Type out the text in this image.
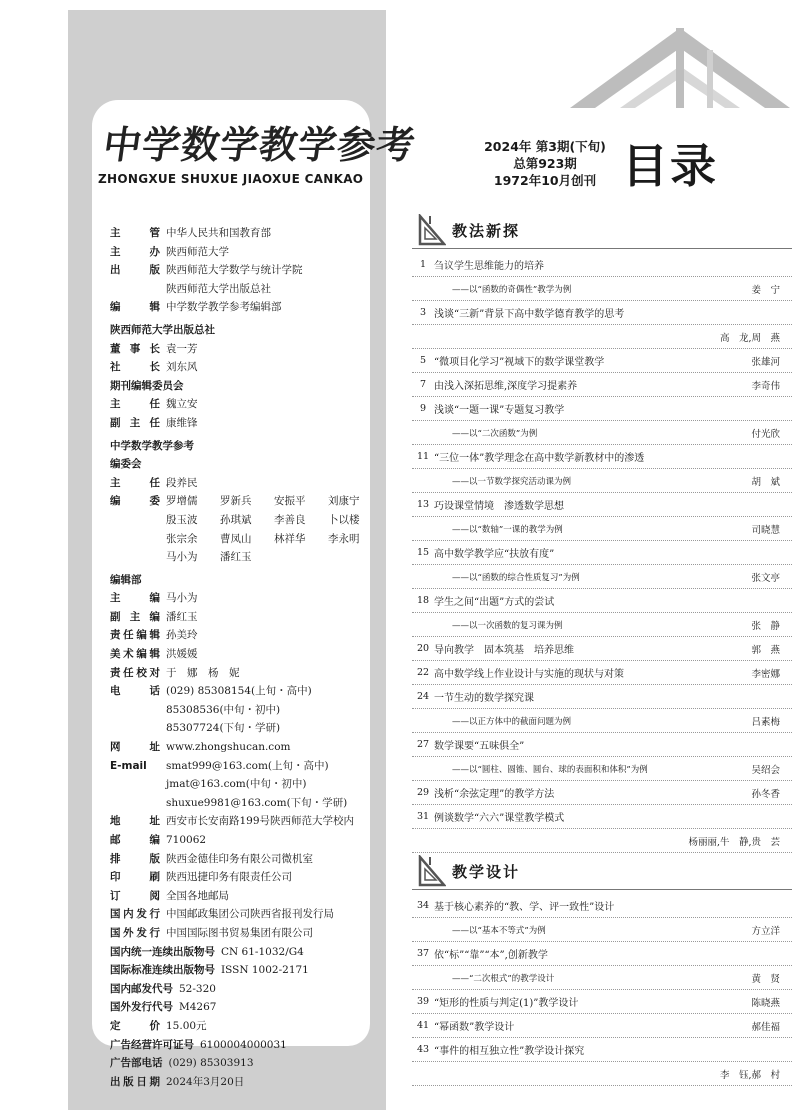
中学数学教学参考
ZHONGXUE SHUXUE JIAOXUE CANKAO
2024年 第3期(下旬)
总第923期
1972年10月创刊 目录
主　管 中华人民共和国教育部
主　办 陕西师范大学
出　版 陕西师范大学数学与统计学院
陕西师范大学出版总社
编　辑 中学数学教学参考编辑部
陕西师范大学出版总社
董事长 袁一芳
社　长 刘东风
期刊编辑委员会
主　任 魏立安
副主任 康维锋
中学数学教学参考
编委会
主　任 段养民
编　委 罗增儒	罗新兵	安振平	刘康宁
殷玉波	孙琪斌	李善良	卜以楼
张宗余	曹凤山	林祥华	李永明
马小为	潘红玉
编辑部
主　编 马小为
副主编 潘红玉
责任编辑 孙美玲
美术编辑 洪媛媛
责任校对 于　娜　杨　妮
电　话 (029) 85308154(上旬・高中)
85308536(中旬・初中)
85307724(下旬・学研)
网　址 www.zhongshucan.com
E-mail	smat999@163.com(上旬・高中)
jmat@163.com(中旬・初中)
shuxue9981@163.com(下旬・学研)
地　址 西安市长安南路199号陕西师范大学校内
邮　编 710062
排　版 陕西金德佳印务有限公司微机室
印　刷 陕西迅捷印务有限责任公司
订　阅 全国各地邮局
国内发行 中国邮政集团公司陕西省报刊发行局
国外发行 中国国际图书贸易集团有限公司
国内统一连续出版物号 CN 61-1032/G4
国际标准连续出版物号 ISSN 1002-2171
国内邮发代号 52-320
国外发行代号 M4267
定　价 15.00元
广告经营许可证号 6100004000031
广告部电话 (029) 85303913
出版日期 2024年3月20日
教法新探
1 刍议学生思维能力的培养
——以“函数的奇偶性”教学为例	姜　宁
3 浅谈“三新”背景下高中数学德育教学的思考
高　龙,周　燕
5 “微项目化学习”视域下的数学课堂教学	张雄河
7 由浅入深拓思维,深度学习提素养	李奇伟
9 浅谈“一题一课”专题复习教学
——以“二次函数”为例	付光欣
11 “三位一体”教学理念在高中数学新教材中的渗透
——以一节数学探究活动课为例	胡　斌
13 巧设课堂情境　渗透数学思想
——以“数轴”一课的教学为例	司晓慧
15 高中数学教学应“扶放有度”
——以“函数的综合性质复习”为例	张文亭
18 学生之间“出题”方式的尝试
——以一次函数的复习课为例	张　静
20 导向教学　固本筑基　培养思维	郭　燕
22 高中数学线上作业设计与实施的现状与对策	李密娜
24 一节生动的数学探究课
——以正方体中的截面问题为例	吕素梅
27 数学课要“五味俱全”
——以“圆柱、圆锥、圆台、球的表面积和体积”为例	吴绍会
29 浅析“余弦定理”的教学方法	孙冬香
31 例谈数学“六六”课堂教学模式
杨丽丽,牛　静,贵　芸
教学设计
34 基于核心素养的“教、学、评一致性”设计
——以“基本不等式”为例	方立洋
37 依“标”“靠”“本”,创新教学
——“二次根式”的教学设计	黄　贤
39 “矩形的性质与判定(1)”教学设计	陈晓燕
41 “幂函数”教学设计	郝佳福
43 “事件的相互独立性”教学设计探究
李　钰,郝　村
